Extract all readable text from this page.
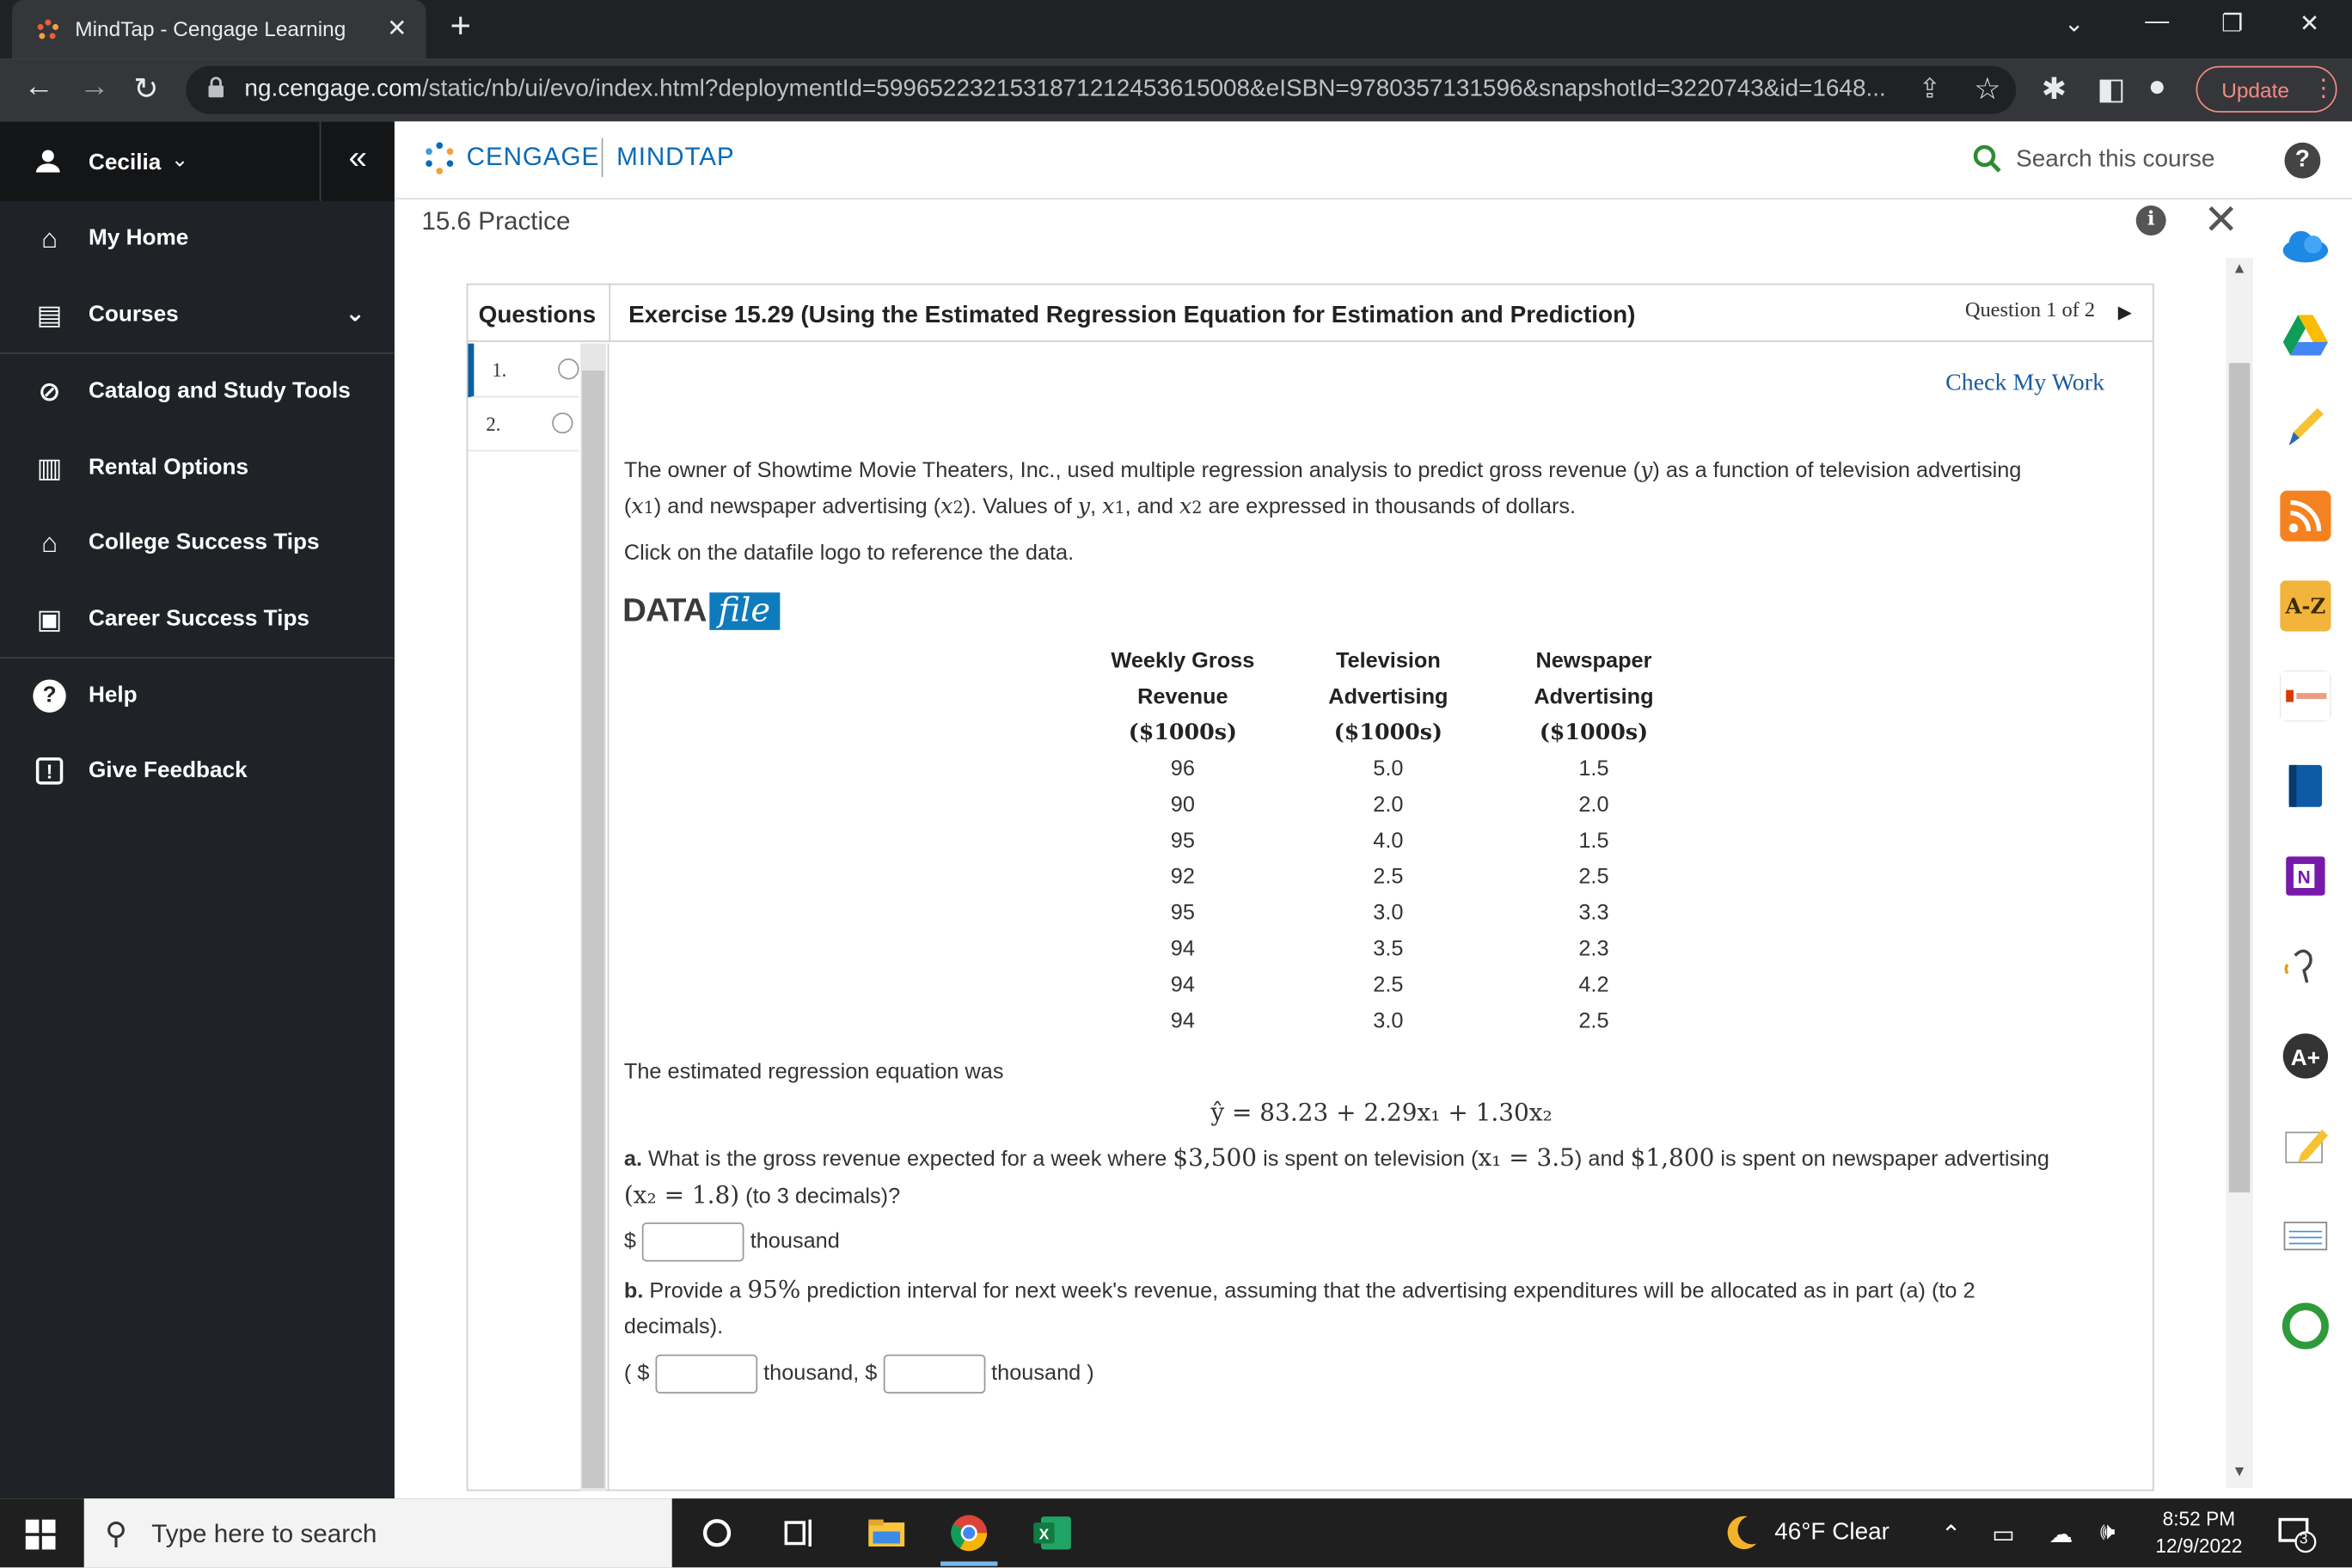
MindTap - Cengage Learning	✕ +	⌄	—	❐	✕
← → ↻	ng.cengage.com/static/nb/ui/evo/index.html?deploymentId=5996522321531871212453615008&eISBN=9780357131596&snapshotId=3220743&id=1648... ⇪ ☆ ✱ ◧ ●	Update ⋮
Cecilia ⌄	«
⌂	My Home
▤ Courses	⌄
⊘	Catalog and Study Tools
▥ Rental Options
⌂	College Success Tips
▣ Career Success Tips
?	Help
!	Give Feedback
CENGAGE MINDTAP	Search this course	?
15.6 Practice	i	✕
Questions Exercise 15.29 (Using the Estimated Regression Equation for Estimation and Prediction)	Question 1 of 2 ▶
1.
2.
Check My Work
The owner of Showtime Movie Theaters, Inc., used multiple regression analysis to predict gross revenue (y) as a function of television advertising
(x1) and newspaper advertising (x2). Values of y, x1, and x2 are expressed in thousands of dollars.
Click on the datafile logo to reference the data.
DATA file
Weekly Gross	Television	Newspaper
Revenue	Advertising	Advertising
($1000s)	($1000s)	($1000s)
96	5.0	1.5
90	2.0	2.0
95	4.0	1.5
92	2.5	2.5
95	3.0	3.3
94	3.5	2.3
94	2.5	4.2
94	3.0	2.5
The estimated regression equation was
ŷ = 83.23 + 2.29x₁ + 1.30x₂
a. What is the gross revenue expected for a week where $3,500 is spent on television (x₁ = 3.5) and $1,800 is spent on newspaper advertising
(x₂ = 1.8) (to 3 decimals)?
$	thousand
b. Provide a 95% prediction interval for next week's revenue, assuming that the advertising expenditures will be allocated as in part (a) (to 2
decimals).
( $	thousand, $	thousand )
▲
▼
A-Z
N
A+
⚲ Type here to search	X	46°F Clear	⌃ ▭ ☁ 🕪
8:52 PM
12/9/2022	3
